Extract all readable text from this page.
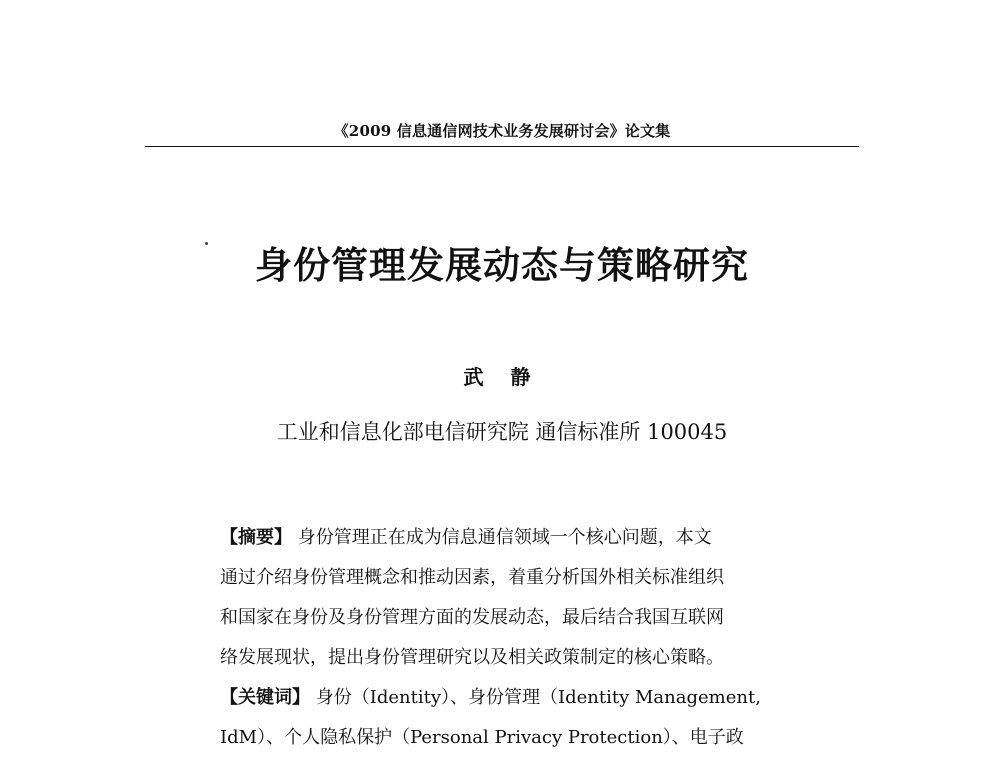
《2009 信息通信网技术业务发展研讨会》论文集
身份管理发展动态与策略研究
武 静
工业和信息化部电信研究院 通信标准所 100045
【摘要】 身份管理正在成为信息通信领域一个核心问题，本文
通过介绍身份管理概念和推动因素，着重分析国外相关标准组织
和国家在身份及身份管理方面的发展动态，最后结合我国互联网
络发展现状，提出身份管理研究以及相关政策制定的核心策略。
【关键词】 身份（Identity）、身份管理（Identity Management,
IdM）、个人隐私保护（Personal Privacy Protection）、电子政
